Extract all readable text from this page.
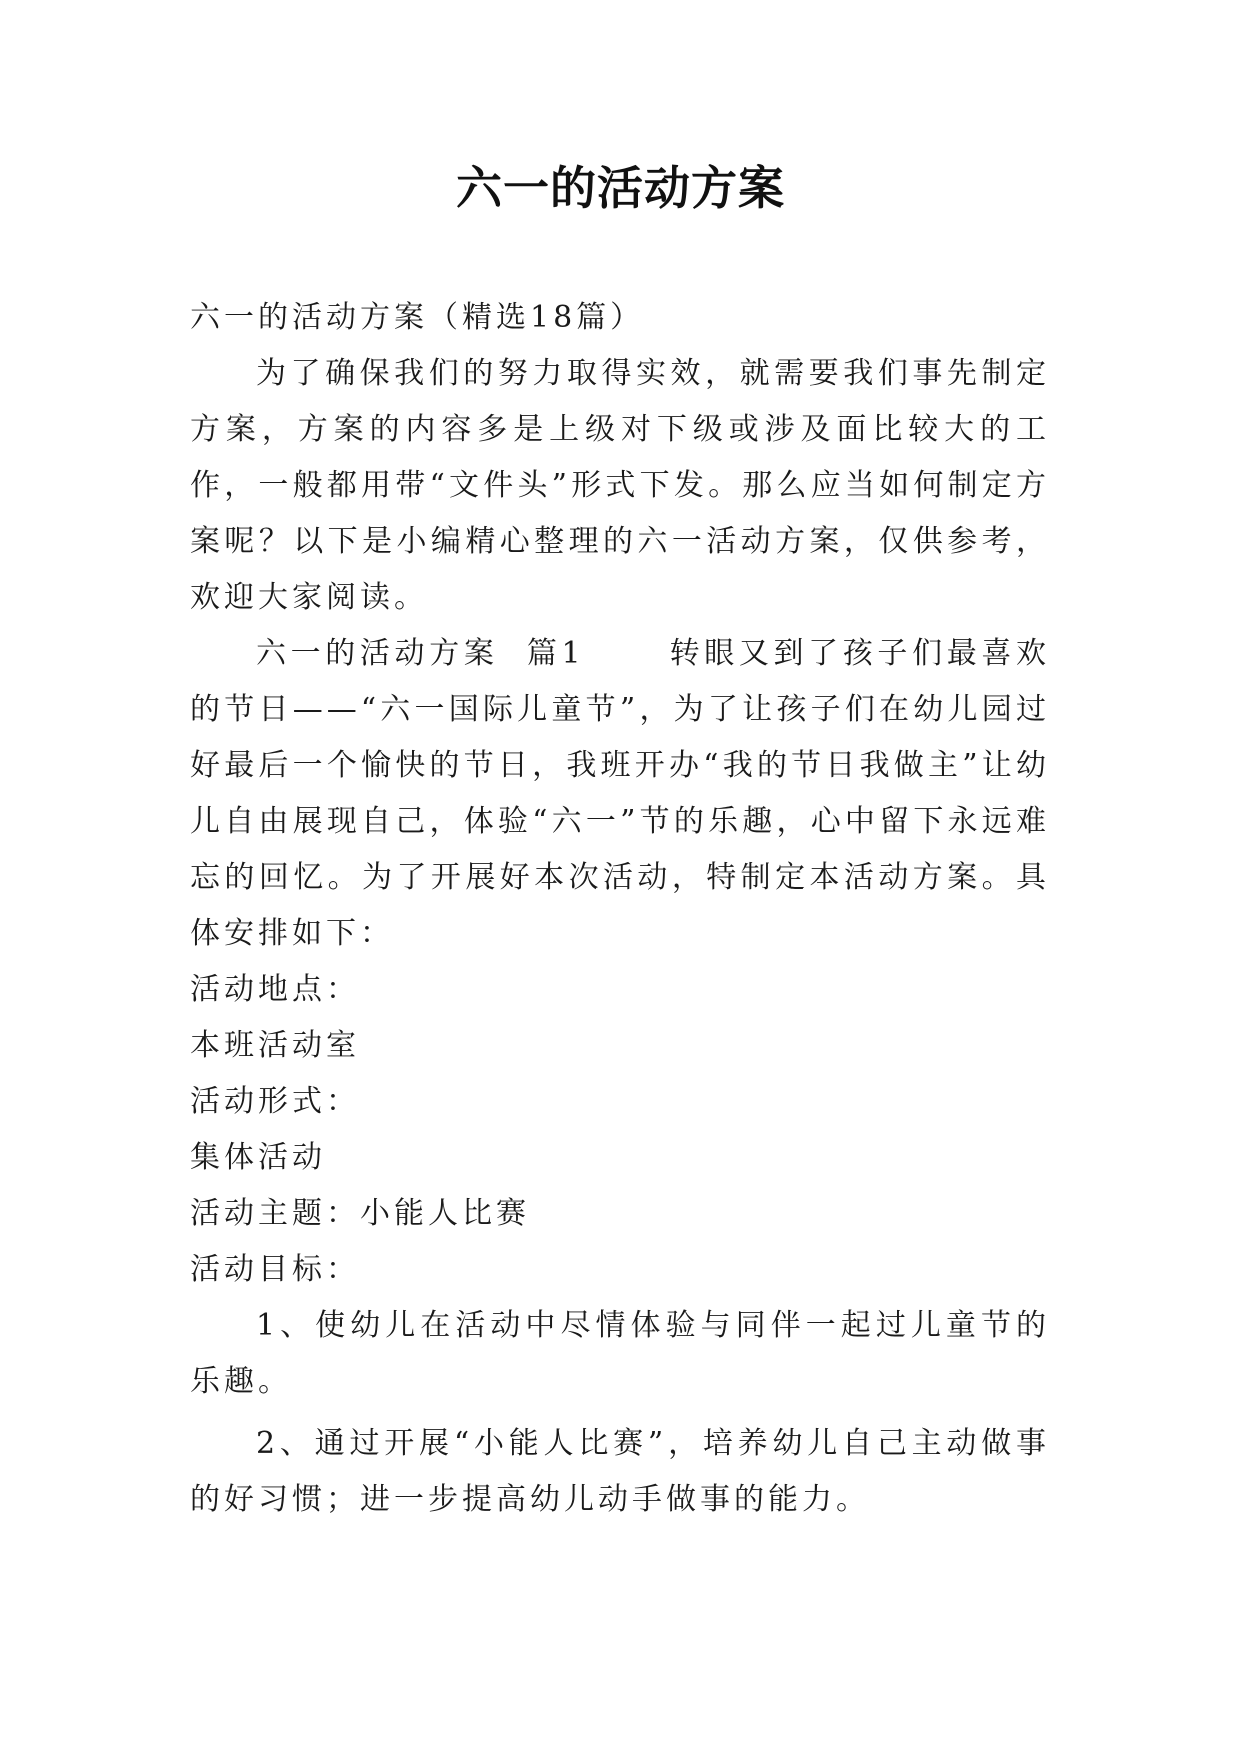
六一的活动方案

六一的活动方案（精选18篇）

为了确保我们的努力取得实效，就需要我们事先制定方案，方案的内容多是上级对下级或涉及面比较大的工作，一般都用带“文件头”形式下发。那么应当如何制定方案呢？以下是小编精心整理的六一活动方案，仅供参考，欢迎大家阅读。

六一的活动方案  篇1      转眼又到了孩子们最喜欢的节日——“六一国际儿童节”，为了让孩子们在幼儿园过好最后一个愉快的节日，我班开办“我的节日我做主”让幼儿自由展现自己，体验“六一”节的乐趣，心中留下永远难忘的回忆。为了开展好本次活动，特制定本活动方案。具体安排如下：

活动地点：

本班活动室

活动形式：

集体活动

活动主题：小能人比赛

活动目标：

1、使幼儿在活动中尽情体验与同伴一起过儿童节的乐趣。

2、通过开展“小能人比赛”，培养幼儿自己主动做事的好习惯；进一步提高幼儿动手做事的能力。
